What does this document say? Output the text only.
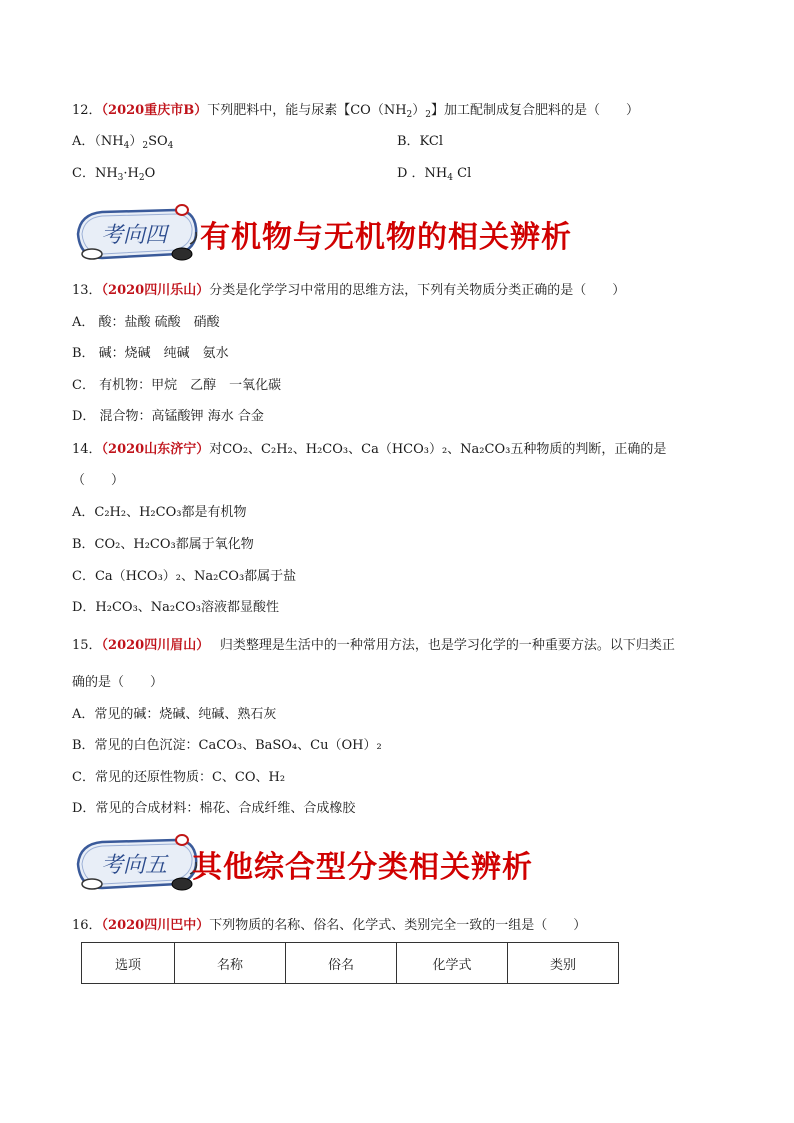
12．（2020重庆市B）下列肥料中，能与尿素【$CO(NH_2)_2$】加工配制成复合肥料的是（　　）
A．$(NH_4)_2SO_4$	B．KCl
C．$NH_3\cdot H_2O$	D ．$NH_4$ Cl
考向四 有机物与无机物的相关辨析
13．（2020四川乐山）分类是化学学习中常用的思维方法，下列有关物质分类正确的是（　　）
A． 酸：盐酸 硫酸　硝酸
B． 碱：烧碱　纯碱　氨水
C． 有机物：甲烷　乙醇　一氧化碳
D． 混合物：高锰酸钾 海水 合金
14．（2020山东济宁）对CO₂、C₂H₂、H₂CO₃、Ca（HCO₃）₂、Na₂CO₃五种物质的判断，正确的是
（　　）
A．C₂H₂、H₂CO₃都是有机物
B．CO₂、H₂CO₃都属于氧化物
C．Ca（HCO₃）₂、Na₂CO₃都属于盐
D．H₂CO₃、Na₂CO₃溶液都显酸性
15．（2020四川眉山）　 归类整理是生活中的一种常用方法，也是学习化学的一种重要方法。以下归类正
确的是（　　）
A．常见的碱：烧碱、纯碱、熟石灰
B．常见的白色沉淀：CaCO₃、BaSO₄、Cu（OH）₂
C．常见的还原性物质：C、CO、H₂
D．常见的合成材料：棉花、合成纤维、合成橡胶
考向五 其他综合型分类相关辨析
16．（2020四川巴中）下列物质的名称、俗名、化学式、类别完全一致的一组是（　　）
选项	名称	俗名	化学式	类别
